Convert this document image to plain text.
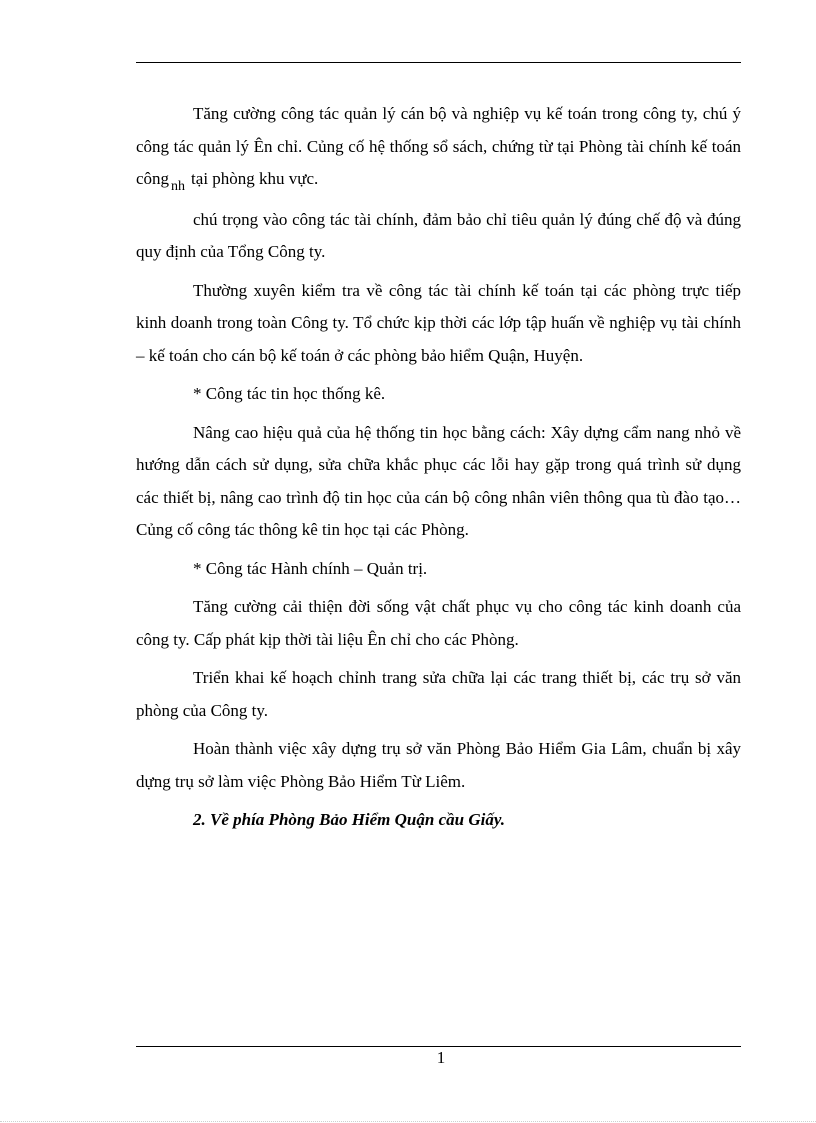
Tăng cường công tác quản lý cán bộ và nghiệp vụ kế toán trong công ty, chú ý công tác quản lý Ên chỉ. Củng cố hệ thống sổ sách, chứng từ tại Phòng tài chính kế toán công $_{nh}$ tại phòng khu vực.

chú trọng vào công tác tài chính, đảm bảo chỉ tiêu quản lý đúng chế độ và đúng quy định của Tổng Công ty.

Thường xuyên kiểm tra về công tác tài chính kế toán tại các phòng trực tiếp kinh doanh trong toàn Công ty. Tổ chức kịp thời các lớp tập huấn về nghiệp vụ tài chính – kế toán cho cán bộ kế toán ở các phòng bảo hiểm Quận, Huyện.

* Công tác tin học thống kê.

Nâng cao hiệu quả của hệ thống tin học bằng cách: Xây dựng cẩm nang nhỏ về hướng dẫn cách sử dụng, sửa chữa khắc phục các lỗi hay gặp trong quá trình sử dụng các thiết bị, nâng cao trình độ tin học của cán bộ công nhân viên thông qua tù đào tạo… Củng cố công tác thông kê tin học tại các Phòng.

* Công tác Hành chính – Quản trị.

Tăng cường cải thiện đời sống vật chất phục vụ cho công tác kinh doanh của công ty. Cấp phát kịp thời tài liệu Ên chỉ cho các Phòng.

Triển khai kế hoạch chỉnh trang sửa chữa lại các trang thiết bị, các trụ sở văn phòng của Công ty.

Hoàn thành việc xây dựng trụ sở văn Phòng Bảo Hiểm Gia Lâm, chuẩn bị xây dựng trụ sở làm việc Phòng Bảo Hiểm Từ Liêm.

2. Về phía Phòng Bảo Hiểm Quận cầu Giấy.

1
